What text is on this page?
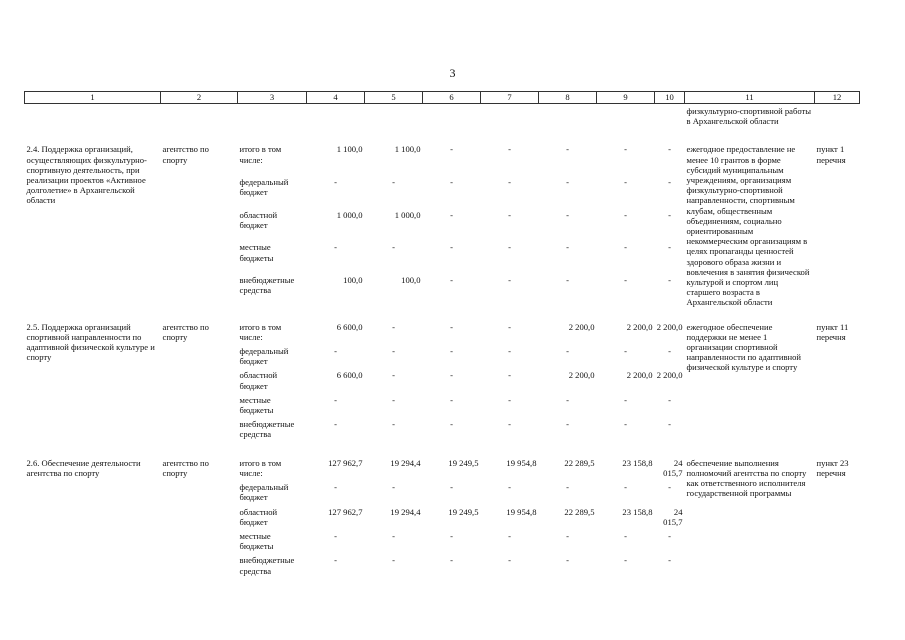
3
1	2	3	4	5	6	7	8	9	10	11	12
										физкультурно-спортивной работы в Архангельской области	

2.4. Поддержка организаций, осуществляющих физкультурно-спортивную деятельность, при реализации проектов «Активное долголетие» в Архангельской области	агентство по спорту	итого в том числе:	1 100,0	1 100,0	-	-	-	-	-	ежегодное предоставление не менее 10 грантов в форме субсидий муниципальным учреждениям, организациям физкультурно-спортивной направленности, спортивным клубам, общественным объединениям, социально ориентированным некоммерческим организациям в целях пропаганды ценностей здорового образа жизни и вовлечения в занятия физической культурой и спортом лиц старшего возраста в Архангельской области	пункт 1 перечня
		федеральный бюджет	-	-	-	-	-	-	-		
		областной бюджет	1 000,0	1 000,0	-	-	-	-	-		
		местные бюджеты	-	-	-	-	-	-	-		
		внебюджетные средства	100,0	100,0	-	-	-	-	-		

2.5. Поддержка организаций спортивной направленности по адаптивной физической культуре и спорту	агентство по спорту	итого в том числе:	6 600,0	-	-	-	2 200,0	2 200,0	2 200,0	ежегодное обеспечение поддержки не менее 1 организации спортивной направленности по адаптивной физической культуре и спорту	пункт 11 перечня
		федеральный бюджет	-	-	-	-	-	-	-		
		областной бюджет	6 600,0	-	-	-	2 200,0	2 200,0	2 200,0		
		местные бюджеты	-	-	-	-	-	-	-		
		внебюджетные средства	-	-	-	-	-	-	-		

2.6. Обеспечение деятельности агентства по спорту	агентство по спорту	итого в том числе:	127 962,7	19 294,4	19 249,5	19 954,8	22 289,5	23 158,8	24 015,7	обеспечение выполнения полномочий агентства по спорту как ответственного исполнителя государственной программы	пункт 23 перечня
		федеральный бюджет	-	-	-	-	-	-	-		
		областной бюджет	127 962,7	19 294,4	19 249,5	19 954,8	22 289,5	23 158,8	24 015,7		
		местные бюджеты	-	-	-	-	-	-	-		
		внебюджетные средства	-	-	-	-	-	-	-		
